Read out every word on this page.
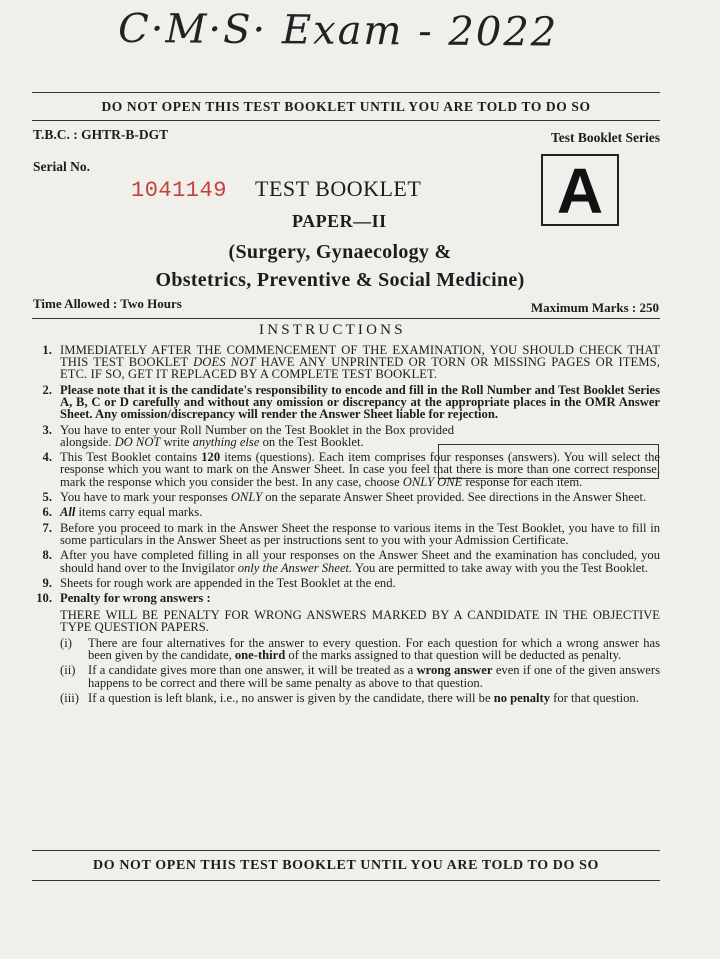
C·M·S· Exam - 2022
DO NOT OPEN THIS TEST BOOKLET UNTIL YOU ARE TOLD TO DO SO
T.B.C. : GHTR-B-DGT	Test Booklet Series
Serial No.
1041149 TEST BOOKLET A
PAPER—II
(Surgery, Gynaecology &
Obstetrics, Preventive & Social Medicine)
Time Allowed : Two Hours	Maximum Marks : 250
INSTRUCTIONS
1. IMMEDIATELY AFTER THE COMMENCEMENT OF THE EXAMINATION, YOU SHOULD CHECK THAT THIS TEST BOOKLET DOES NOT HAVE ANY UNPRINTED OR TORN OR MISSING PAGES OR ITEMS, ETC. IF SO, GET IT REPLACED BY A COMPLETE TEST BOOKLET.
2. Please note that it is the candidate's responsibility to encode and fill in the Roll Number and Test Booklet Series A, B, C or D carefully and without any omission or discrepancy at the appropriate places in the OMR Answer Sheet. Any omission/discrepancy will render the Answer Sheet liable for rejection.
3. You have to enter your Roll Number on the Test Booklet in the Box provided alongside. DO NOT write anything else on the Test Booklet.
4. This Test Booklet contains 120 items (questions). Each item comprises four responses (answers). You will select the response which you want to mark on the Answer Sheet. In case you feel that there is more than one correct response, mark the response which you consider the best. In any case, choose ONLY ONE response for each item.
5. You have to mark your responses ONLY on the separate Answer Sheet provided. See directions in the Answer Sheet.
6. All items carry equal marks.
7. Before you proceed to mark in the Answer Sheet the response to various items in the Test Booklet, you have to fill in some particulars in the Answer Sheet as per instructions sent to you with your Admission Certificate.
8. After you have completed filling in all your responses on the Answer Sheet and the examination has concluded, you should hand over to the Invigilator only the Answer Sheet. You are permitted to take away with you the Test Booklet.
9. Sheets for rough work are appended in the Test Booklet at the end.
10. Penalty for wrong answers :
THERE WILL BE PENALTY FOR WRONG ANSWERS MARKED BY A CANDIDATE IN THE OBJECTIVE TYPE QUESTION PAPERS.
(i) There are four alternatives for the answer to every question. For each question for which a wrong answer has been given by the candidate, one-third of the marks assigned to that question will be deducted as penalty.
(ii) If a candidate gives more than one answer, it will be treated as a wrong answer even if one of the given answers happens to be correct and there will be same penalty as above to that question.
(iii) If a question is left blank, i.e., no answer is given by the candidate, there will be no penalty for that question.
DO NOT OPEN THIS TEST BOOKLET UNTIL YOU ARE TOLD TO DO SO
